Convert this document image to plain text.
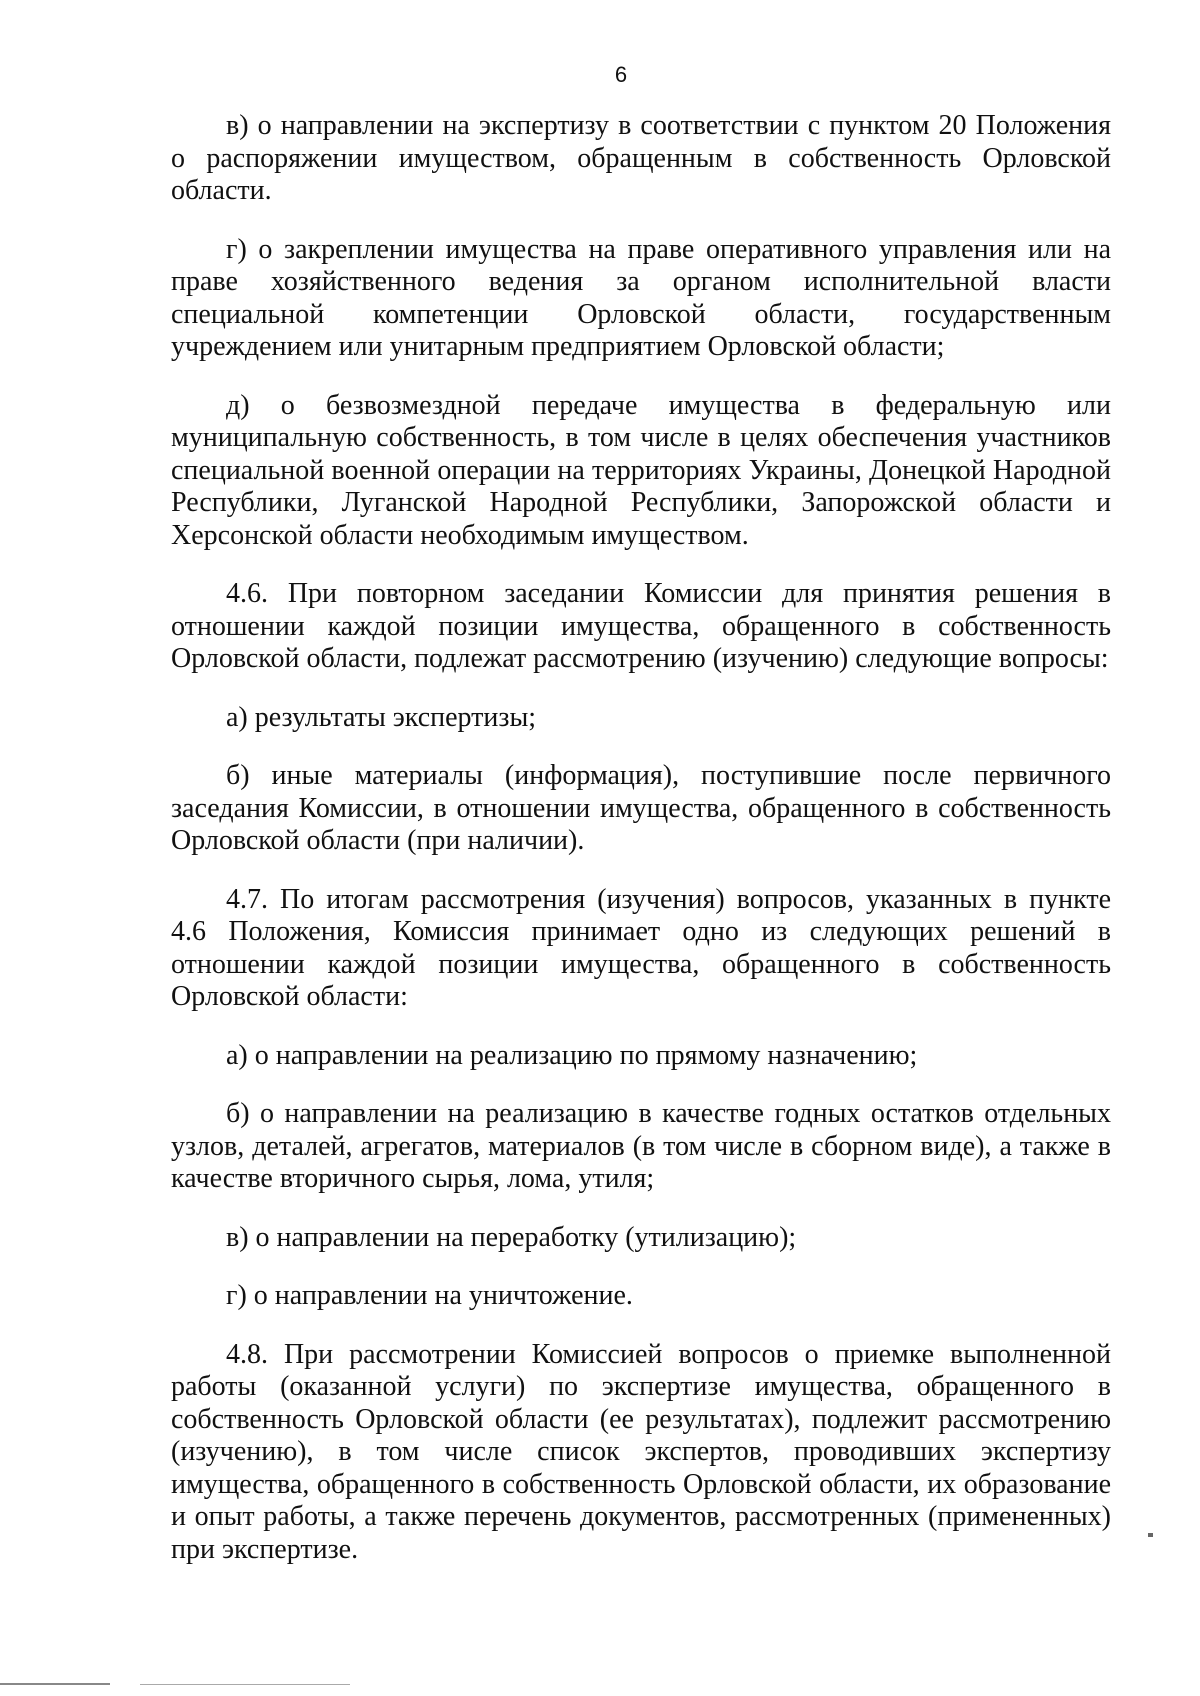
6

в) о направлении на экспертизу в соответствии с пунктом 20 Положения о распоряжении имуществом, обращенным в собственность Орловской области.

г) о закреплении имущества на праве оперативного управления или на праве хозяйственного ведения за органом исполнительной власти специальной компетенции Орловской области, государственным учреждением или унитарным предприятием Орловской области;

д) о безвозмездной передаче имущества в федеральную или муниципальную собственность, в том числе в целях обеспечения участников специальной военной операции на территориях Украины, Донецкой Народной Республики, Луганской Народной Республики, Запорожской области и Херсонской области необходимым имуществом.

4.6. При повторном заседании Комиссии для принятия решения в отношении каждой позиции имущества, обращенного в собственность Орловской области, подлежат рассмотрению (изучению) следующие вопросы:

а) результаты экспертизы;

б) иные материалы (информация), поступившие после первичного заседания Комиссии, в отношении имущества, обращенного в собственность Орловской области (при наличии).

4.7. По итогам рассмотрения (изучения) вопросов, указанных в пункте 4.6 Положения, Комиссия принимает одно из следующих решений в отношении каждой позиции имущества, обращенного в собственность Орловской области:

а) о направлении на реализацию по прямому назначению;

б) о направлении на реализацию в качестве годных остатков отдельных узлов, деталей, агрегатов, материалов (в том числе в сборном виде), а также в качестве вторичного сырья, лома, утиля;

в) о направлении на переработку (утилизацию);

г) о направлении на уничтожение.

4.8. При рассмотрении Комиссией вопросов о приемке выполненной работы (оказанной услуги) по экспертизе имущества, обращенного в собственность Орловской области (ее результатах), подлежит рассмотрению (изучению), в том числе список экспертов, проводивших экспертизу имущества, обращенного в собственность Орловской области, их образование и опыт работы, а также перечень документов, рассмотренных (примененных) при экспертизе.
